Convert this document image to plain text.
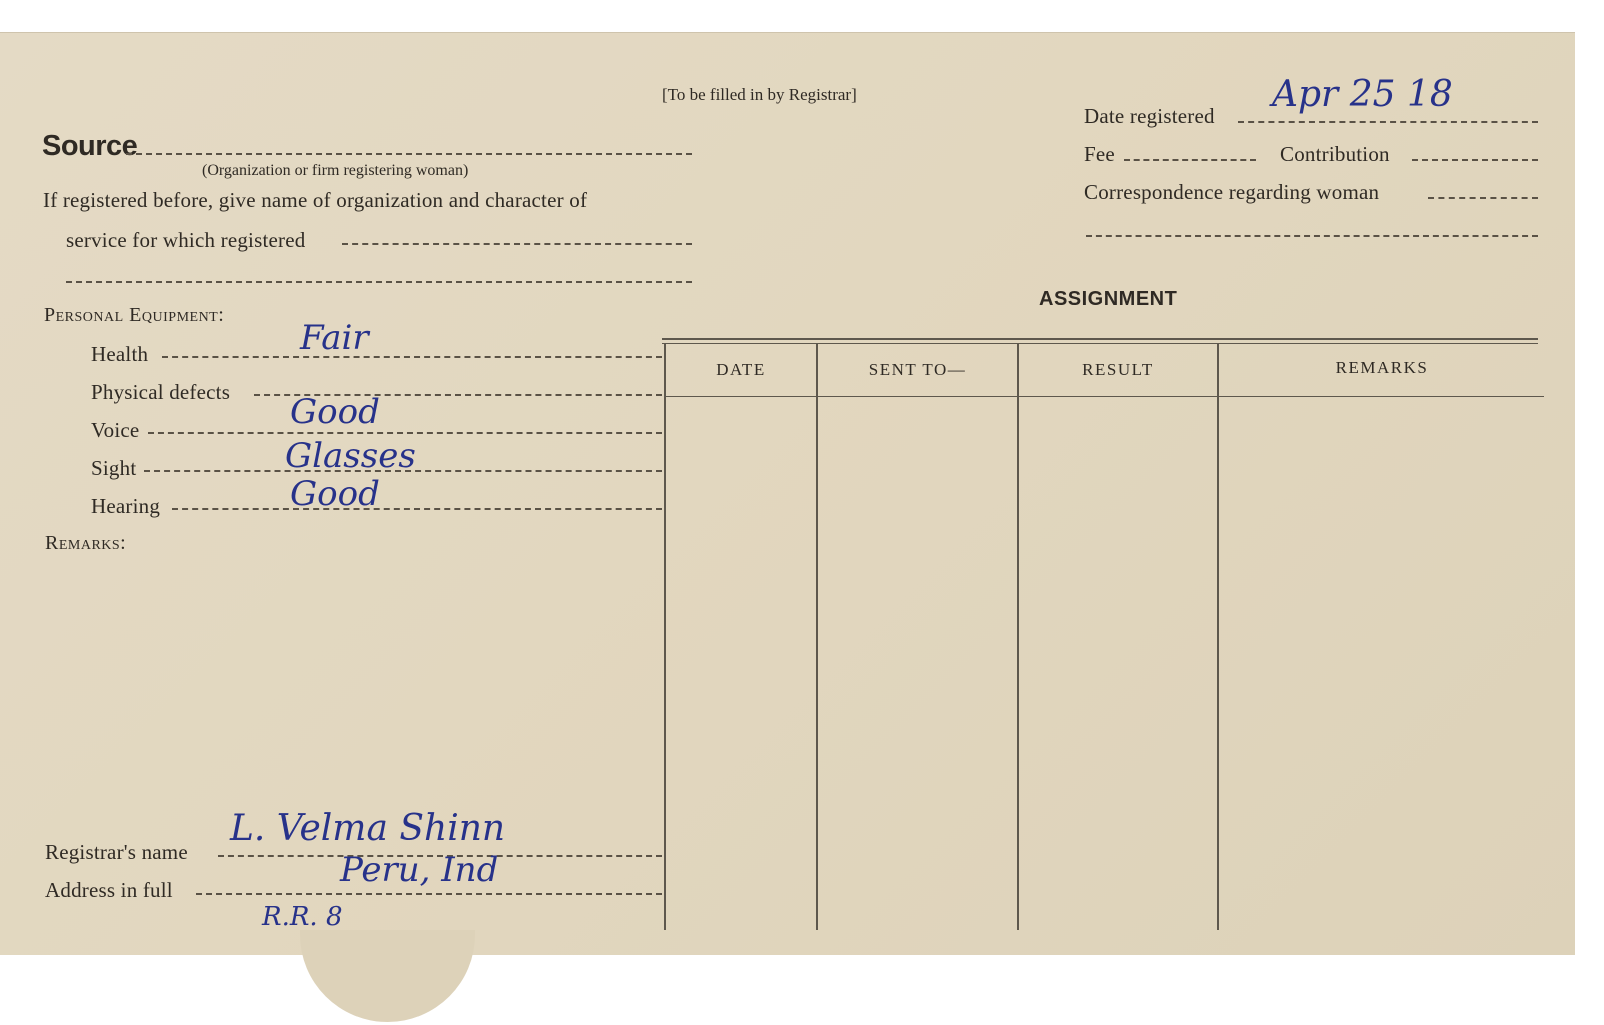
[To be filled in by Registrar]
Source
(Organization or firm registering woman)
If registered before, give name of organization and character of
service for which registered
Personal Equipment:
Health	Fair
Physical defects
Voice	Good
Sight	Glasses
Hearing	Good
Remarks:
Registrar's name
L. Velma Shinn
Address in full	Peru, Ind
R.R. 8
Date registered
Apr 25 18
Fee	Contribution
Correspondence regarding woman
ASSIGNMENT
DATE	SENT TO—	RESULT	REMARKS
